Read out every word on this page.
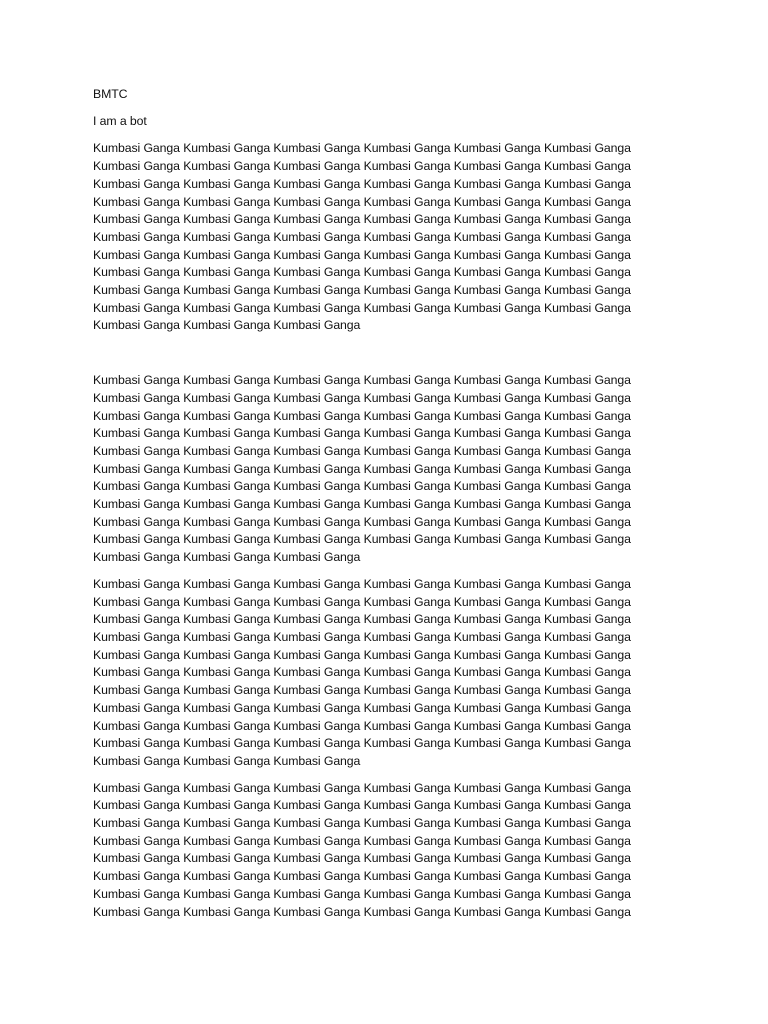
BMTC

I am a bot

Kumbasi Ganga Kumbasi Ganga Kumbasi Ganga Kumbasi Ganga Kumbasi Ganga Kumbasi Ganga
Kumbasi Ganga Kumbasi Ganga Kumbasi Ganga Kumbasi Ganga Kumbasi Ganga Kumbasi Ganga
Kumbasi Ganga Kumbasi Ganga Kumbasi Ganga Kumbasi Ganga Kumbasi Ganga Kumbasi Ganga
Kumbasi Ganga Kumbasi Ganga Kumbasi Ganga Kumbasi Ganga Kumbasi Ganga Kumbasi Ganga
Kumbasi Ganga Kumbasi Ganga Kumbasi Ganga Kumbasi Ganga Kumbasi Ganga Kumbasi Ganga
Kumbasi Ganga Kumbasi Ganga Kumbasi Ganga Kumbasi Ganga Kumbasi Ganga Kumbasi Ganga
Kumbasi Ganga Kumbasi Ganga Kumbasi Ganga Kumbasi Ganga Kumbasi Ganga Kumbasi Ganga
Kumbasi Ganga Kumbasi Ganga Kumbasi Ganga Kumbasi Ganga Kumbasi Ganga Kumbasi Ganga
Kumbasi Ganga Kumbasi Ganga Kumbasi Ganga Kumbasi Ganga Kumbasi Ganga Kumbasi Ganga
Kumbasi Ganga Kumbasi Ganga Kumbasi Ganga Kumbasi Ganga Kumbasi Ganga Kumbasi Ganga
Kumbasi Ganga Kumbasi Ganga Kumbasi Ganga

Kumbasi Ganga Kumbasi Ganga Kumbasi Ganga Kumbasi Ganga Kumbasi Ganga Kumbasi Ganga
Kumbasi Ganga Kumbasi Ganga Kumbasi Ganga Kumbasi Ganga Kumbasi Ganga Kumbasi Ganga
Kumbasi Ganga Kumbasi Ganga Kumbasi Ganga Kumbasi Ganga Kumbasi Ganga Kumbasi Ganga
Kumbasi Ganga Kumbasi Ganga Kumbasi Ganga Kumbasi Ganga Kumbasi Ganga Kumbasi Ganga
Kumbasi Ganga Kumbasi Ganga Kumbasi Ganga Kumbasi Ganga Kumbasi Ganga Kumbasi Ganga
Kumbasi Ganga Kumbasi Ganga Kumbasi Ganga Kumbasi Ganga Kumbasi Ganga Kumbasi Ganga
Kumbasi Ganga Kumbasi Ganga Kumbasi Ganga Kumbasi Ganga Kumbasi Ganga Kumbasi Ganga
Kumbasi Ganga Kumbasi Ganga Kumbasi Ganga Kumbasi Ganga Kumbasi Ganga Kumbasi Ganga
Kumbasi Ganga Kumbasi Ganga Kumbasi Ganga Kumbasi Ganga Kumbasi Ganga Kumbasi Ganga
Kumbasi Ganga Kumbasi Ganga Kumbasi Ganga Kumbasi Ganga Kumbasi Ganga Kumbasi Ganga
Kumbasi Ganga Kumbasi Ganga Kumbasi Ganga

Kumbasi Ganga Kumbasi Ganga Kumbasi Ganga Kumbasi Ganga Kumbasi Ganga Kumbasi Ganga
Kumbasi Ganga Kumbasi Ganga Kumbasi Ganga Kumbasi Ganga Kumbasi Ganga Kumbasi Ganga
Kumbasi Ganga Kumbasi Ganga Kumbasi Ganga Kumbasi Ganga Kumbasi Ganga Kumbasi Ganga
Kumbasi Ganga Kumbasi Ganga Kumbasi Ganga Kumbasi Ganga Kumbasi Ganga Kumbasi Ganga
Kumbasi Ganga Kumbasi Ganga Kumbasi Ganga Kumbasi Ganga Kumbasi Ganga Kumbasi Ganga
Kumbasi Ganga Kumbasi Ganga Kumbasi Ganga Kumbasi Ganga Kumbasi Ganga Kumbasi Ganga
Kumbasi Ganga Kumbasi Ganga Kumbasi Ganga Kumbasi Ganga Kumbasi Ganga Kumbasi Ganga
Kumbasi Ganga Kumbasi Ganga Kumbasi Ganga Kumbasi Ganga Kumbasi Ganga Kumbasi Ganga
Kumbasi Ganga Kumbasi Ganga Kumbasi Ganga Kumbasi Ganga Kumbasi Ganga Kumbasi Ganga
Kumbasi Ganga Kumbasi Ganga Kumbasi Ganga Kumbasi Ganga Kumbasi Ganga Kumbasi Ganga
Kumbasi Ganga Kumbasi Ganga Kumbasi Ganga

Kumbasi Ganga Kumbasi Ganga Kumbasi Ganga Kumbasi Ganga Kumbasi Ganga Kumbasi Ganga
Kumbasi Ganga Kumbasi Ganga Kumbasi Ganga Kumbasi Ganga Kumbasi Ganga Kumbasi Ganga
Kumbasi Ganga Kumbasi Ganga Kumbasi Ganga Kumbasi Ganga Kumbasi Ganga Kumbasi Ganga
Kumbasi Ganga Kumbasi Ganga Kumbasi Ganga Kumbasi Ganga Kumbasi Ganga Kumbasi Ganga
Kumbasi Ganga Kumbasi Ganga Kumbasi Ganga Kumbasi Ganga Kumbasi Ganga Kumbasi Ganga
Kumbasi Ganga Kumbasi Ganga Kumbasi Ganga Kumbasi Ganga Kumbasi Ganga Kumbasi Ganga
Kumbasi Ganga Kumbasi Ganga Kumbasi Ganga Kumbasi Ganga Kumbasi Ganga Kumbasi Ganga
Kumbasi Ganga Kumbasi Ganga Kumbasi Ganga Kumbasi Ganga Kumbasi Ganga Kumbasi Ganga
